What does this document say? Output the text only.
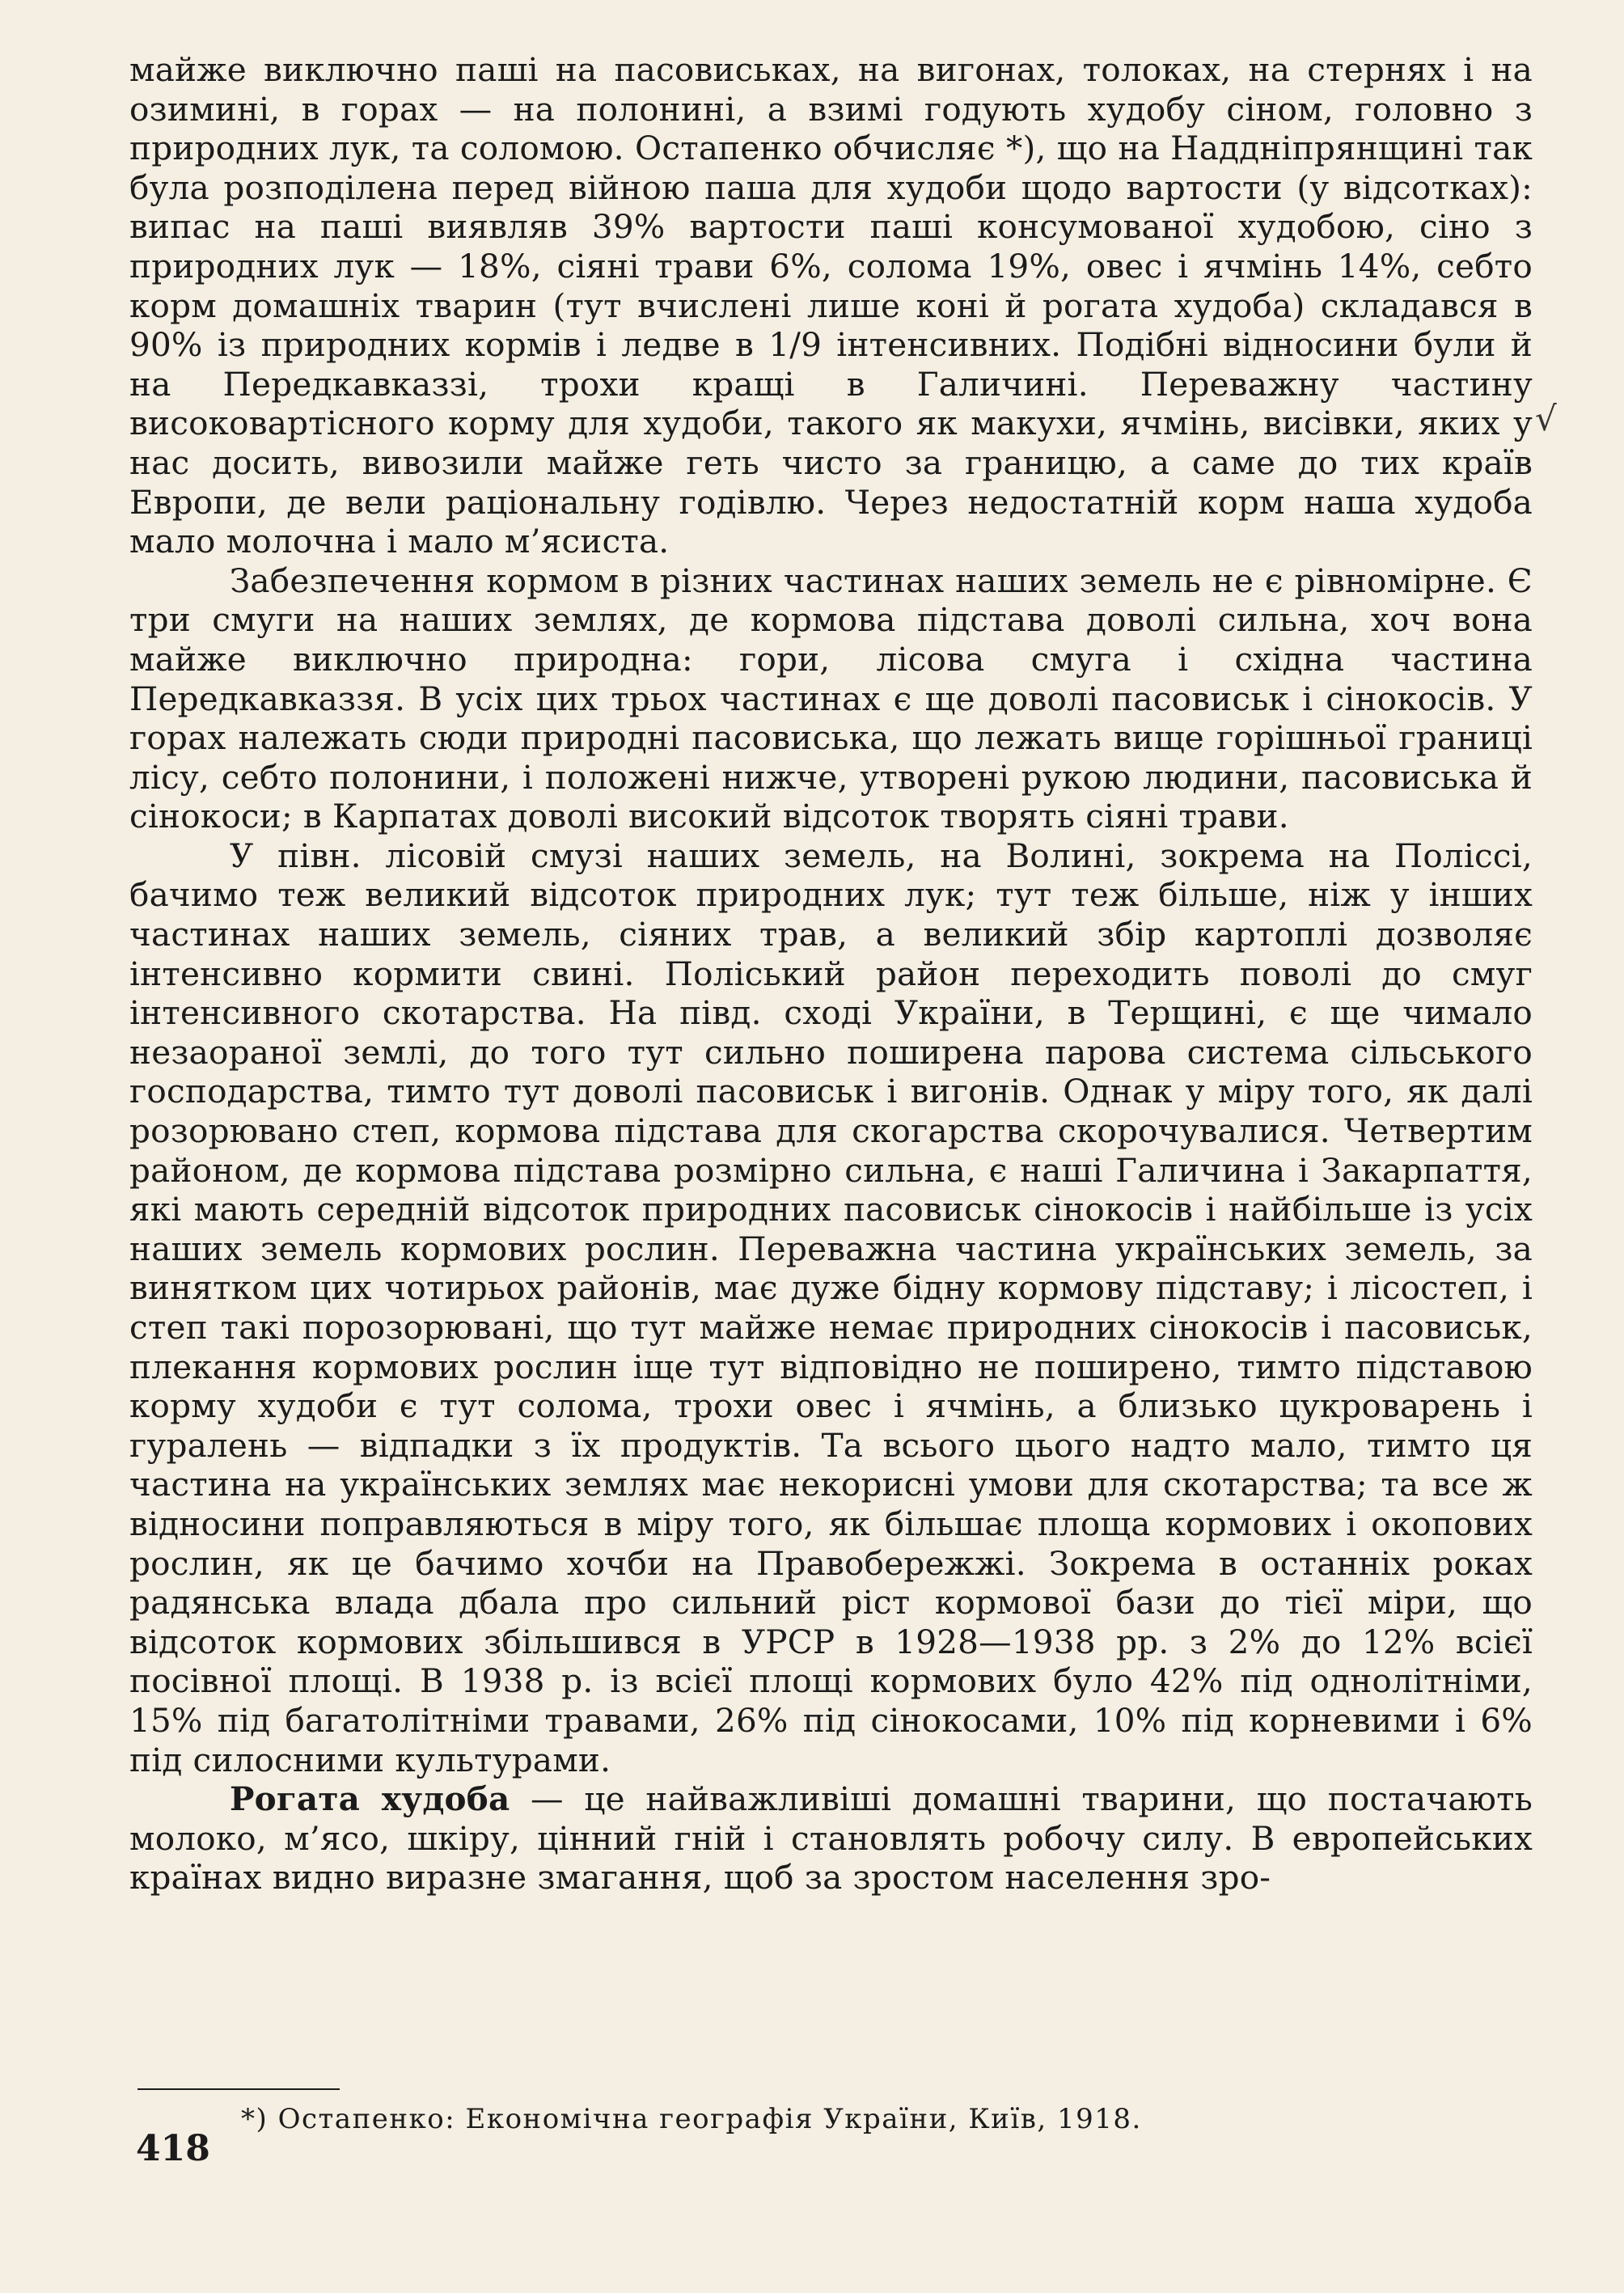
майже виключно паші на пасовиськах, на вигонах, толоках, на стернях і на озимині, в горах — на полонині, а взимі годують худобу сіном, головно з природних лук, та соломою. Остапенко обчисляє *), що на Наддніпрянщині так була розподілена перед війною паша для худоби щодо вартости (у відсотках): випас на паші виявляв 39% вартости паші консумованої худобою, сіно з природних лук — 18%, сіяні трави 6%, солома 19%, овес і ячмінь 14%, себто корм домашніх тварин (тут вчислені лише коні й рогата худоба) складався в 90% із природних кормів і ледве в 1/9 інтенсивних. Подібні відносини були й на Передкавказзі, трохи кращі в Галичині. Переважну частину високовартісного корму для худоби, такого як макухи, ячмінь, висівки, яких у нас досить, вивозили майже геть чисто за границю, а саме до тих країв Европи, де вели раціональну годівлю. Через недостатній корм наша худоба мало молочна і мало м’ясиста.

Забезпечення кормом в різних частинах наших земель не є рівномірне. Є три смуги на наших землях, де кормова підстава доволі сильна, хоч вона майже виключно природна: гори, лісова смуга і східна частина Передкавказзя. В усіх цих трьох частинах є ще доволі пасовиськ і сінокосів. У горах належать сюди природні пасовиська, що лежать вище горішньої границі лісу, себто полонини, і положені нижче, утворені рукою людини, пасовиська й сінокоси; в Карпатах доволі високий відсоток творять сіяні трави.

У півн. лісовій смузі наших земель, на Волині, зокрема на Поліссі, бачимо теж великий відсоток природних лук; тут теж більше, ніж у інших частинах наших земель, сіяних трав, а великий збір картоплі дозволяє інтенсивно кормити свині. Поліський район переходить поволі до смуг інтенсивного скотарства. На півд. сході України, в Терщині, є ще чимало незаораної землі, до того тут сильно поширена парова система сільського господарства, тимто тут доволі пасовиськ і вигонів. Однак у міру того, як далі розорювано степ, кормова підстава для скогарства скорочувалися. Четвертим районом, де кормова підстава розмірно сильна, є наші Галичина і Закарпаття, які мають середній відсоток природних пасовиськ сінокосів і найбільше із усіх наших земель кормових рослин. Переважна частина українських земель, за винятком цих чотирьох районів, має дуже бідну кормову підставу; і лісостеп, і степ такі порозорювані, що тут майже немає природних сінокосів і пасовиськ, плекання кормових рослин іще тут відповідно не поширено, тимто підставою корму худоби є тут солома, трохи овес і ячмінь, а близько цукроварень і гуралень — відпадки з їх продуктів. Та всього цього надто мало, тимто ця частина на українських землях має некорисні умови для скотарства; та все ж відносини поправляються в міру того, як більшає площа кормових і окопових рослин, як це бачимо хочби на Правобережжі. Зокрема в останніх роках радянська влада дбала про сильний ріст кормової бази до тієї міри, що відсоток кормових збільшився в УРСР в 1928—1938 рр. з 2% до 12% всієї посівної площі. В 1938 р. із всієї площі кормових було 42% під однолітніми, 15% під багатолітніми травами, 26% під сінокосами, 10% під корневими і 6% під силосними культурами.

Рогата худоба — це найважливіші домашні тварини, що постачають молоко, м’ясо, шкіру, цінний гній і становлять робочу силу. В европейських країнах видно виразне змагання, щоб за зростом населення зро-

√
*) Остапенко: Економічна географія України, Київ, 1918.
418
